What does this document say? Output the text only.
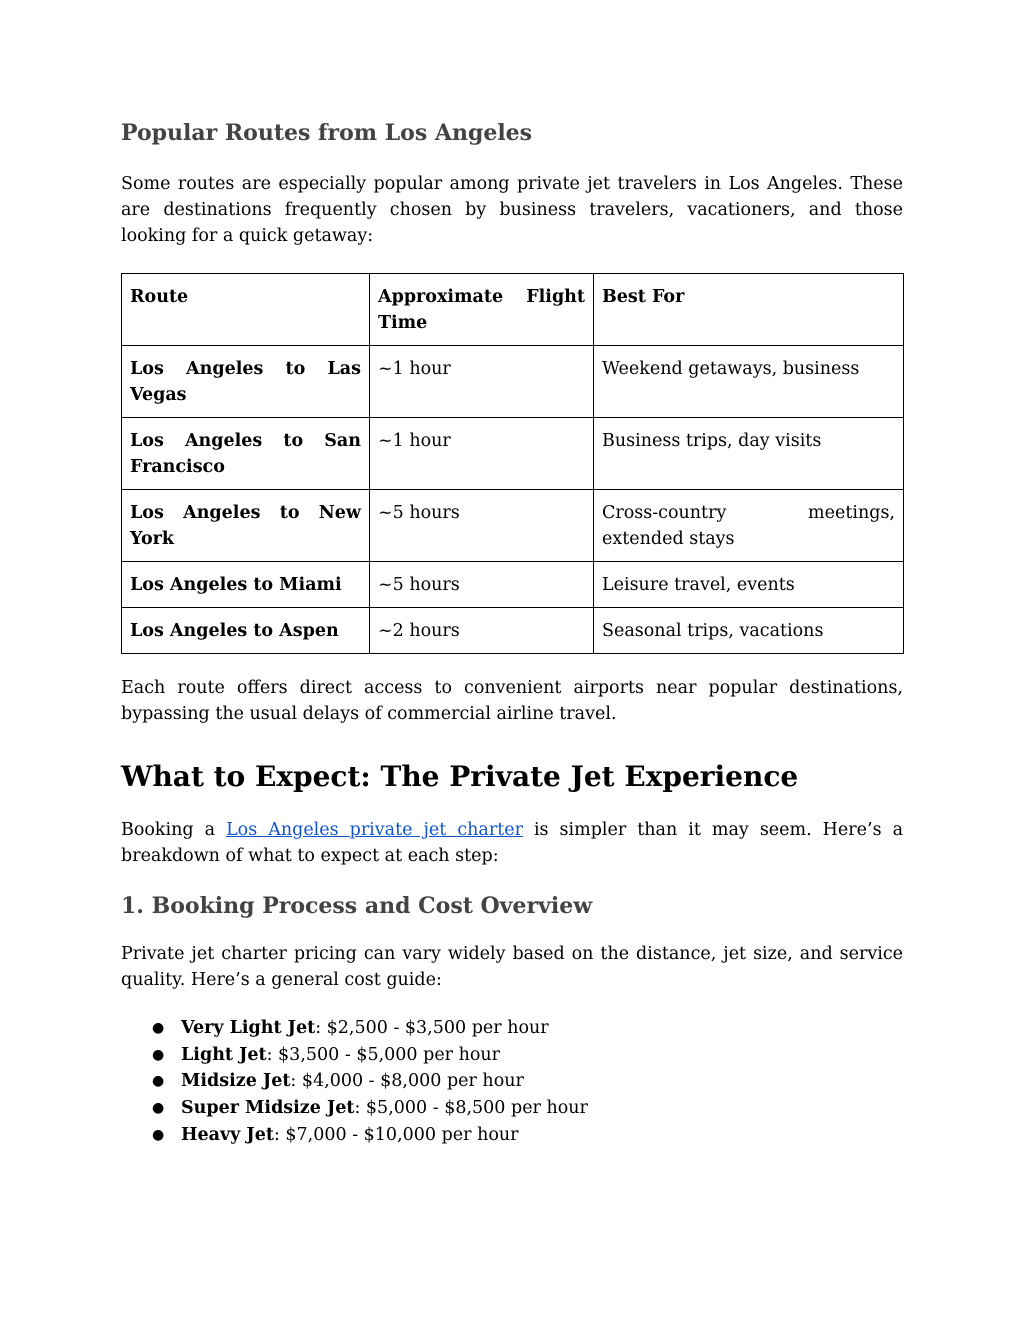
Popular Routes from Los Angeles

Some routes are especially popular among private jet travelers in Los Angeles. These are destinations frequently chosen by business travelers, vacationers, and those looking for a quick getaway:

Route	Approximate Flight Time	Best For
Los Angeles to Las Vegas	~1 hour	Weekend getaways, business
Los Angeles to San Francisco	~1 hour	Business trips, day visits
Los Angeles to New York	~5 hours	Cross-country meetings, extended stays
Los Angeles to Miami	~5 hours	Leisure travel, events
Los Angeles to Aspen	~2 hours	Seasonal trips, vacations

Each route offers direct access to convenient airports near popular destinations, bypassing the usual delays of commercial airline travel.

What to Expect: The Private Jet Experience

Booking a Los Angeles private jet charter is simpler than it may seem. Here’s a breakdown of what to expect at each step:

1. Booking Process and Cost Overview

Private jet charter pricing can vary widely based on the distance, jet size, and service quality. Here’s a general cost guide:

● Very Light Jet: $2,500 - $3,500 per hour
● Light Jet: $3,500 - $5,000 per hour
● Midsize Jet: $4,000 - $8,000 per hour
● Super Midsize Jet: $5,000 - $8,500 per hour
● Heavy Jet: $7,000 - $10,000 per hour
